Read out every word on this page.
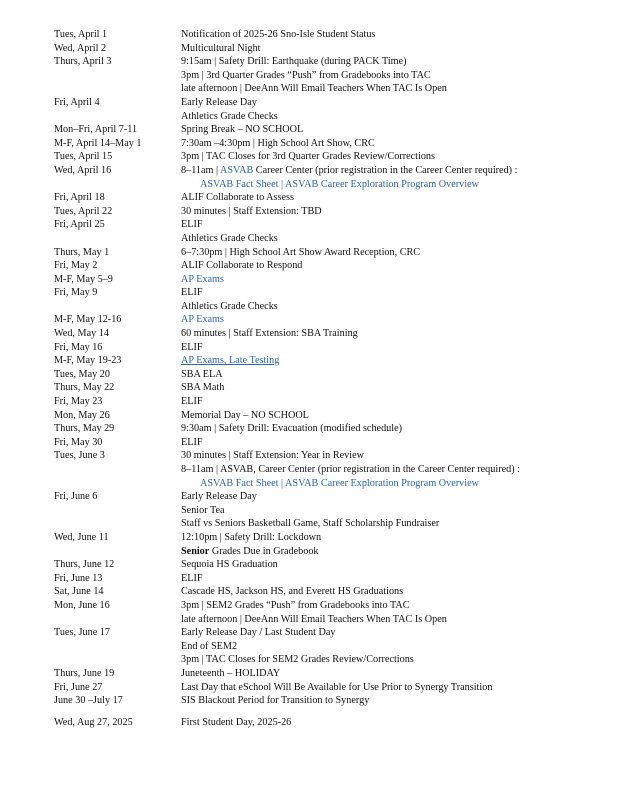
Tues, April 1	Notification of 2025-26 Sno-Isle Student Status
Wed, April 2	Multicultural Night
Thurs, April 3	9:15am | Safety Drill: Earthquake (during PACK Time)
3pm | 3rd Quarter Grades “Push” from Gradebooks into TAC
late afternoon | DeeAnn Will Email Teachers When TAC Is Open
Fri, April 4	Early Release Day
Athletics Grade Checks
Mon–Fri, April 7-11	Spring Break – NO SCHOOL
M-F, April 14–May 1	7:30am –4:30pm | High School Art Show, CRC
Tues, April 15	3pm | TAC Closes for 3rd Quarter Grades Review/Corrections
Wed, April 16	8–11am | ASVAB Career Center (prior registration in the Career Center required) :
ASVAB Fact Sheet | ASVAB Career Exploration Program Overview
Fri, April 18	ALIF Collaborate to Assess
Tues, April 22	30 minutes | Staff Extension: TBD
Fri, April 25	ELIF
Athletics Grade Checks
Thurs, May 1	6–7:30pm | High School Art Show Award Reception, CRC
Fri, May 2	ALIF Collaborate to Respond
M-F, May 5–9	AP Exams
Fri, May 9	ELIF
Athletics Grade Checks
M-F, May 12-16	AP Exams
Wed, May 14	60 minutes | Staff Extension: SBA Training
Fri, May 16	ELIF
M-F, May 19-23	AP Exams, Late Testing
Tues, May 20	SBA ELA
Thurs, May 22	SBA Math
Fri, May 23	ELIF
Mon, May 26	Memorial Day – NO SCHOOL
Thurs, May 29	9:30am | Safety Drill: Evacuation (modified schedule)
Fri, May 30	ELIF
Tues, June 3	30 minutes | Staff Extension: Year in Review
8–11am | ASVAB, Career Center (prior registration in the Career Center required) :
ASVAB Fact Sheet | ASVAB Career Exploration Program Overview
Fri, June 6	Early Release Day
Senior Tea
Staff vs Seniors Basketball Game, Staff Scholarship Fundraiser
Wed, June 11	12:10pm | Safety Drill: Lockdown
Senior Grades Due in Gradebook
Thurs, June 12	Sequoia HS Graduation
Fri, June 13	ELIF
Sat, June 14	Cascade HS, Jackson HS, and Everett HS Graduations
Mon, June 16	3pm | SEM2 Grades “Push” from Gradebooks into TAC
late afternoon | DeeAnn Will Email Teachers When TAC Is Open
Tues, June 17	Early Release Day / Last Student Day
End of SEM2
3pm | TAC Closes for SEM2 Grades Review/Corrections
Thurs, June 19	Juneteenth – HOLIDAY
Fri, June 27	Last Day that eSchool Will Be Available for Use Prior to Synergy Transition
June 30 –July 17	SIS Blackout Period for Transition to Synergy
Wed, Aug 27, 2025	First Student Day, 2025-26
